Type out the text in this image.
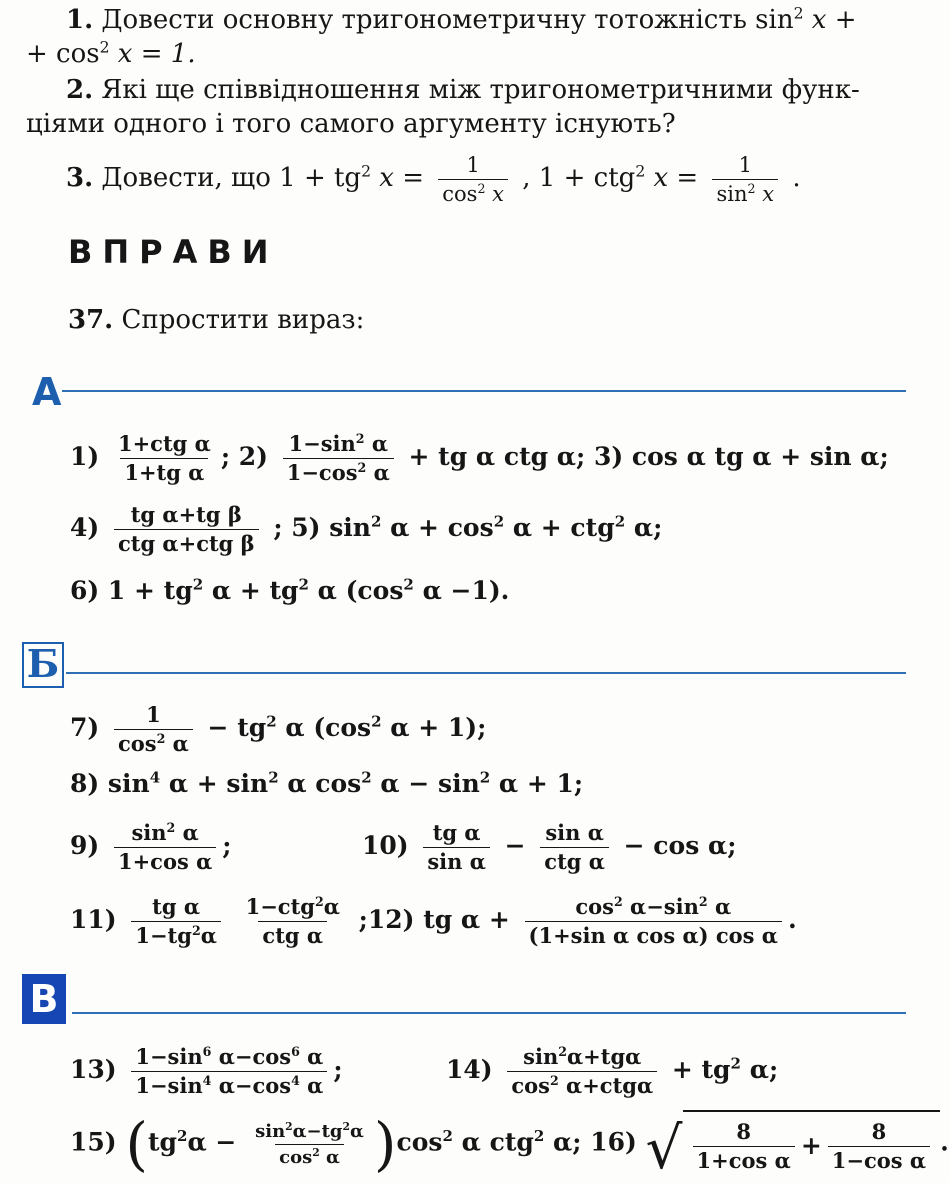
1. Довести основну тригонометричну тотожність $\sin^2 x$ +
+ $\cos^2 x = 1$.
2. Які ще співвідношення між тригонометричними функ-
ціями одного і того самого аргументу існують?
3. Довести, що $1 + tg^2$ $x = \frac{1}{\cos^2 x}$ , 1 + ctg$^2$ $x = \frac{1}{\sin^2 x}$ .
ВПРАВИ
37. Спростити вираз:
А
$1) \frac{\text{1+ctg α}}{\text{1+tg α}}$ ; $2) \frac{1-\sin^2 \alpha}{1-\cos^2 \alpha}$ + tg α ctg α; 3) cos α tg α + sin α;
$4) \frac{\text{tg α+tg β}}{\text{ctg α+ctg β}}$ ; 5) $\sin^2 \alpha + \cos^2 \alpha + ctg^2$ α;
6) $1 + tg^2$ $\alpha + tg^2$ α ($\cos^2$ α −1).
Б
$7) \frac{1}{\cos^2 \alpha} - tg^2$ α ($\cos^2$ α + 1);
8) $\sin^4 \alpha + \sin^2 \alpha$ $\cos^2 \alpha - \sin^2 \alpha + 1$;
$9) \frac{\sin^2 \alpha}{\text{1+cos α}}$ ;	$10) \frac{\text{tg α}}{\text{sin α}} - \frac{\text{sin α}}{\text{ctg α}} - \cos \alpha$;
$11) \frac{\text{tg α}}{1-tg^2\alpha}$
$\frac{1-ctg^2\alpha}{\text{ctg α}}$ ;12) tg $\alpha + \frac{\cos^2 \alpha-\sin^2 \alpha}{\text{(1+sin α cos α) cos α}}$ .
В
$13) \frac{1-\sin^6 \alpha-\cos^6 \alpha}{1-\sin^4 \alpha-\cos^4 \alpha}$ ;	$14) \frac{\sin^2\alpha+tg\alpha}{\cos^2 \alpha+ctg\alpha} + tg^2$ α;
15) $(tg^2\alpha - \frac{\sin^2\alpha-tg^2\alpha}{\cos^2 \alpha} )\cos^2$ α ctg$^2$ α; 16) √ $\frac{8}{\text{1+cos α}} + \frac{8}{\text{1−cos α}}$ .
